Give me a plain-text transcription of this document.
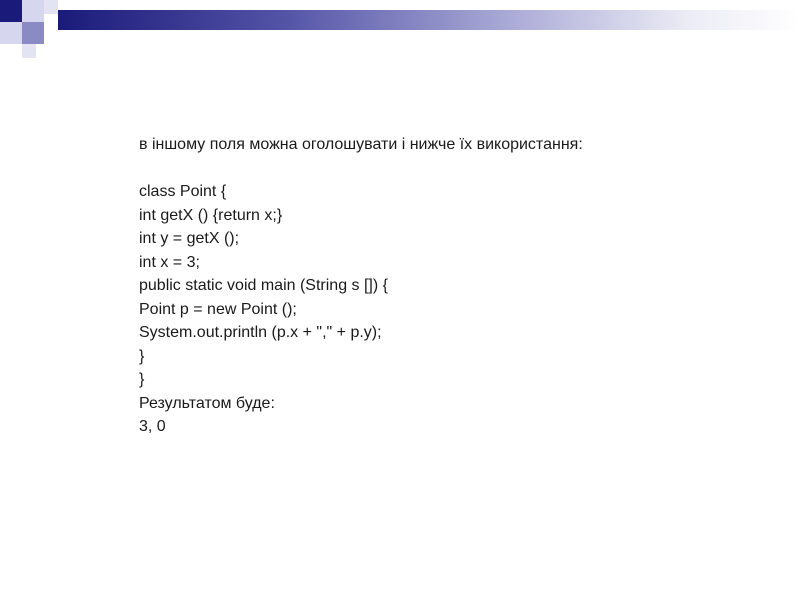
в іншому поля можна оголошувати і нижче їх використання:
class Point {
int getX () {return x;}
int y = getX ();
int x = 3;
public static void main (String s []) {
Point p = new Point ();
System.out.println (p.x + "," + p.y);
}
}
Результатом буде:
3, 0
